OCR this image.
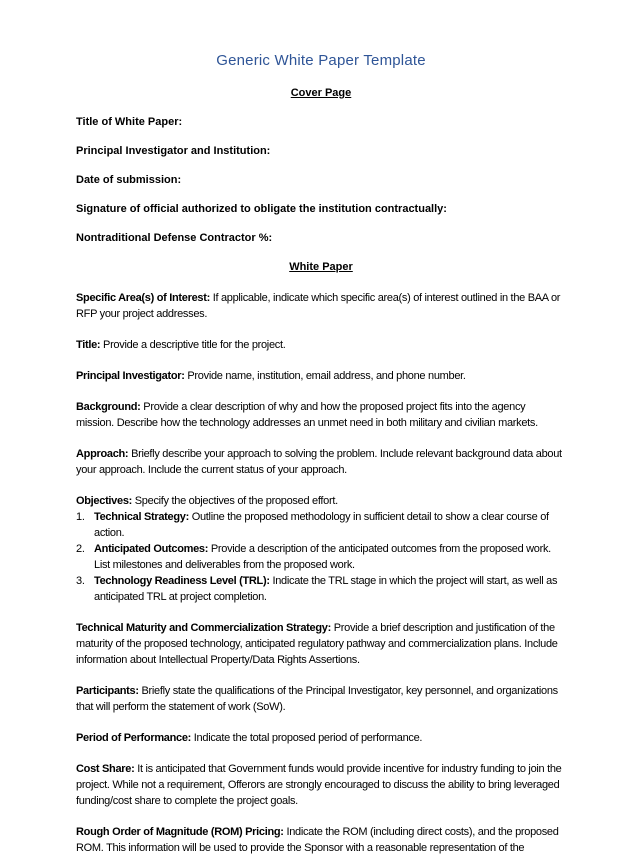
Generic White Paper Template
Cover Page
Title of White Paper:
Principal Investigator and Institution:
Date of submission:
Signature of official authorized to obligate the institution contractually:
Nontraditional Defense Contractor %:
White Paper

Specific Area(s) of Interest: If applicable, indicate which specific area(s) of interest outlined in the BAA or RFP your project addresses.

Title: Provide a descriptive title for the project.

Principal Investigator: Provide name, institution, email address, and phone number.

Background: Provide a clear description of why and how the proposed project fits into the agency mission. Describe how the technology addresses an unmet need in both military and civilian markets.

Approach: Briefly describe your approach to solving the problem. Include relevant background data about your approach. Include the current status of your approach.

Objectives: Specify the objectives of the proposed effort.
1. Technical Strategy: Outline the proposed methodology in sufficient detail to show a clear course of action.
2. Anticipated Outcomes: Provide a description of the anticipated outcomes from the proposed work. List milestones and deliverables from the proposed work.
3. Technology Readiness Level (TRL): Indicate the TRL stage in which the project will start, as well as anticipated TRL at project completion.

Technical Maturity and Commercialization Strategy: Provide a brief description and justification of the maturity of the proposed technology, anticipated regulatory pathway and commercialization plans. Include information about Intellectual Property/Data Rights Assertions.

Participants: Briefly state the qualifications of the Principal Investigator, key personnel, and organizations that will perform the statement of work (SoW).

Period of Performance: Indicate the total proposed period of performance.

Cost Share: It is anticipated that Government funds would provide incentive for industry funding to join the project. While not a requirement, Offerors are strongly encouraged to discuss the ability to bring leveraged funding/cost share to complete the project goals.

Rough Order of Magnitude (ROM) Pricing: Indicate the ROM (including direct costs), and the proposed ROM. This information will be used to provide the Sponsor with a reasonable representation of the
